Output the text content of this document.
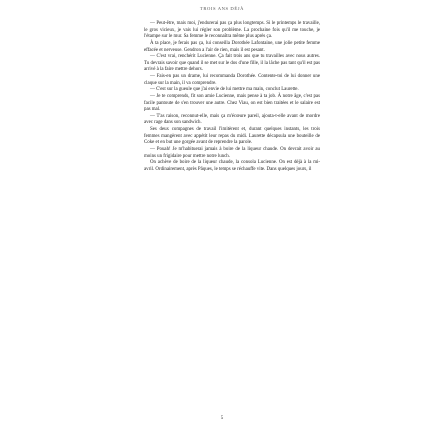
TROIS ANS DÉJÀ

— Peut-être, mais moi, j'endurerai pas ça plus longtemps. Si le printemps le travaille, le gros vicieux, je vais lui régler son problème. La prochaine fois qu'il me touche, je l'étampe sur le mur. Sa femme le reconnaîtra même plus après ça.

À ta place, je ferais pas ça, lui conseilla Dorothée Lafontaine, une jolie petite femme effacée et nerveuse. Gendron a l'air de rien, mais il est pesant.

— C'est vrai, renchérit Lucienne. Ça fait trois ans que tu travailles avec nous autres. Tu devrais savoir que quand il se met sur le dos d'une fille, il la lâche pas tant qu'il est pas arrivé à la faire mettre dehors.

— Fais-en pas un drame, lui recommanda Dorothée. Contente-toi de lui donner une claque sur la main, il va comprendre.

— C'est sur la gueule que j'ai envie de lui mettre ma main, conclut Laurette.

— Je te comprends, fit son amie Lucienne, mais pense à ta job. À notre âge, c'est pas facile pantoute de s'en trouver une autre. Chez Viau, on est bien traitées et le salaire est pas mal.

— T'as raison, reconnut-elle, mais ça m'écœure pareil, ajouta-t-elle avant de mordre avec rage dans son sandwich.

Ses deux compagnes de travail l'imitèrent et, durant quelques instants, les trois femmes mangèrent avec appétit leur repas du midi. Laurette décapsula une bouteille de Coke et en but une gorgée avant de reprendre la parole.

— Pouah! Je m'habituerai jamais à boire de la liqueur chaude. On devrait avoir au moins un frigidaire pour mettre notre lunch.

On achève de boire de la liqueur chaude, la consola Lucienne. On est déjà à la mi-avril. Ordinairement, après Pâques, le temps se réchauffe vite. Dans quelques jours, il

5
